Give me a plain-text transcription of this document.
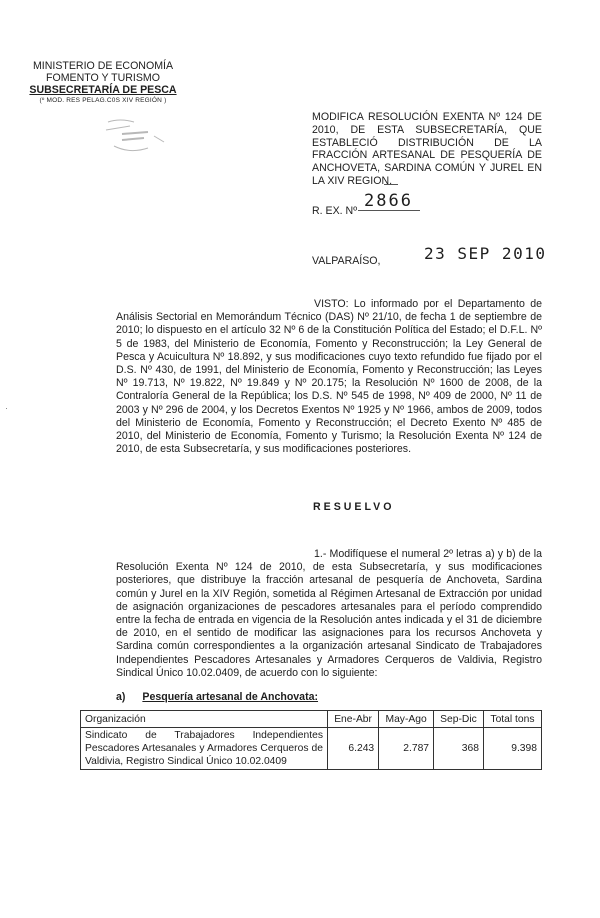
MINISTERIO DE ECONOMÍA
FOMENTO Y TURISMO
SUBSECRETARÍA DE PESCA
(º MOD. RES PELAG.C0S XIV REGIÓN )
MODIFICA RESOLUCIÓN EXENTA Nº 124 DE 2010, DE ESTA SUBSECRETARÍA, QUE ESTABLECIÓ DISTRIBUCIÓN DE LA FRACCIÓN ARTESANAL DE PESQUERÍA DE ANCHOVETA, SARDINA COMÚN Y JUREL EN LA XIV REGION.
R. EX. Nº 2866
VALPARAÍSO,	23 SEP 2010
VISTO: Lo informado por el Departamento de Análisis Sectorial en Memorándum Técnico (DAS) Nº 21/10, de fecha 1 de septiembre de 2010; lo dispuesto en el artículo 32 Nº 6 de la Constitución Política del Estado; el D.F.L. Nº 5 de 1983, del Ministerio de Economía, Fomento y Reconstrucción; la Ley General de Pesca y Acuicultura Nº 18.892, y sus modificaciones cuyo texto refundido fue fijado por el D.S. Nº 430, de 1991, del Ministerio de Economía, Fomento y Reconstrucción; las Leyes Nº 19.713, Nº 19.822, Nº 19.849 y Nº 20.175; la Resolución Nº 1600 de 2008, de la Contraloría General de la República; los D.S. Nº 545 de 1998, Nº 409 de 2000, Nº 11 de 2003 y Nº 296 de 2004, y los Decretos Exentos Nº 1925 y Nº 1966, ambos de 2009, todos del Ministerio de Economía, Fomento y Reconstrucción; el Decreto Exento Nº 485 de 2010, del Ministerio de Economía, Fomento y Turismo; la Resolución Exenta Nº 124 de 2010, de esta Subsecretaría, y sus modificaciones posteriores.
·
RESUELVO
1.- Modifíquese el numeral 2º letras a) y b) de la Resolución Exenta Nº 124 de 2010, de esta Subsecretaría, y sus modificaciones posteriores, que distribuye la fracción artesanal de pesquería de Anchoveta, Sardina común y Jurel en la XIV Región, sometida al Régimen Artesanal de Extracción por unidad de asignación organizaciones de pescadores artesanales para el período comprendido entre la fecha de entrada en vigencia de la Resolución antes indicada y el 31 de diciembre de 2010, en el sentido de modificar las asignaciones para los recursos Anchoveta y Sardina común correspondientes a la organización artesanal Sindicato de Trabajadores Independientes Pescadores Artesanales y Armadores Cerqueros de Valdivia, Registro Sindical Único 10.02.0409, de acuerdo con lo siguiente:
a) Pesquería artesanal de Anchovata:
Organización	Ene-Abr	May-Ago	Sep-Dic	Total tons
Sindicato de Trabajadores Independientes Pescadores Artesanales y Armadores Cerqueros de Valdivia, Registro Sindical Único 10.02.0409	6.243	2.787	368	9.398
